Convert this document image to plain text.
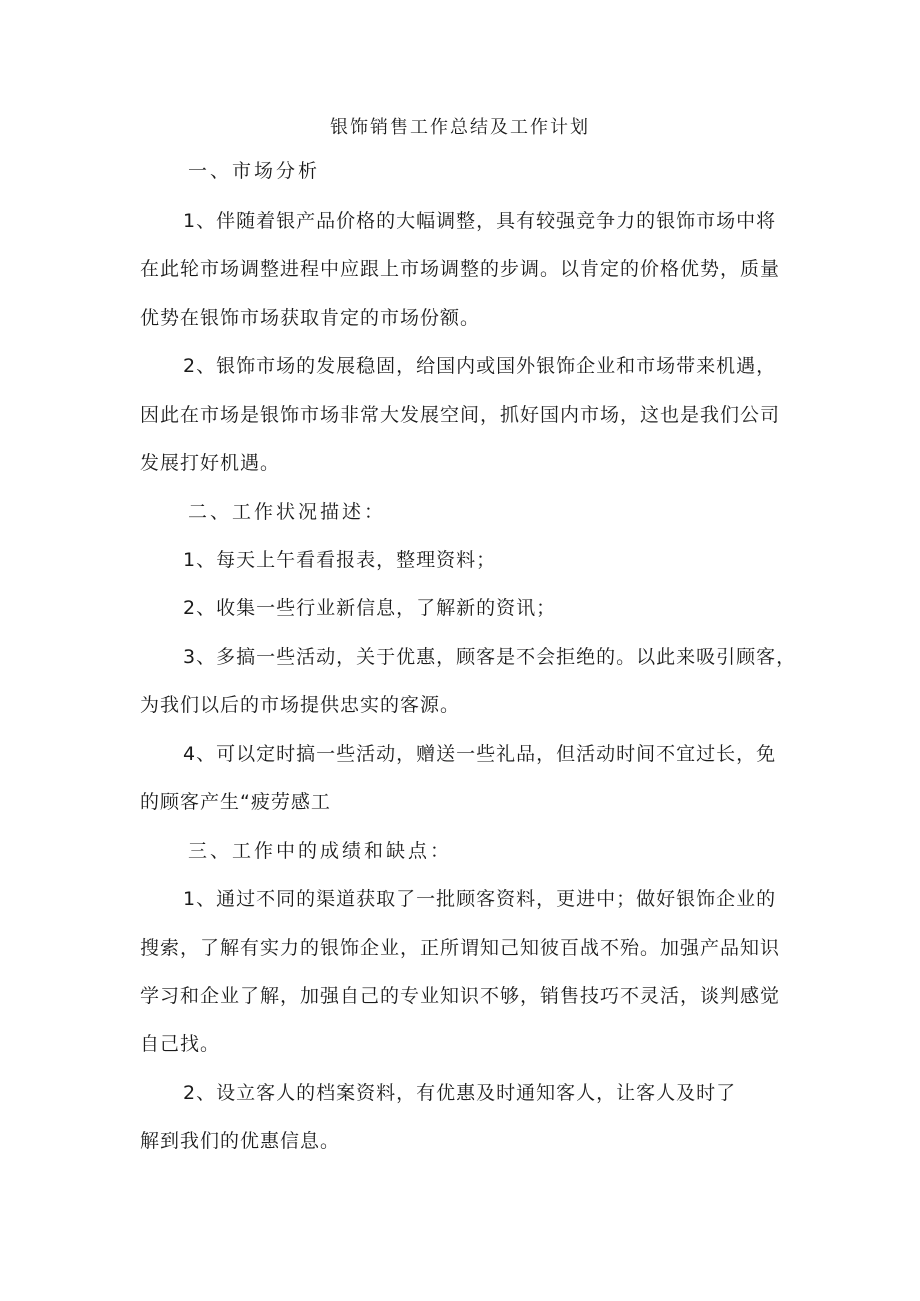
银饰销售工作总结及工作计划
一、市场分析
1、伴随着银产品价格的大幅调整，具有较强竞争力的银饰市场中将
在此轮市场调整进程中应跟上市场调整的步调。以肯定的价格优势，质量
优势在银饰市场获取肯定的市场份额。
2、银饰市场的发展稳固，给国内或国外银饰企业和市场带来机遇，
因此在市场是银饰市场非常大发展空间，抓好国内市场，这也是我们公司
发展打好机遇。
二、工作状况描述：
1、每天上午看看报表，整理资料；
2、收集一些行业新信息，了解新的资讯；
3、多搞一些活动，关于优惠，顾客是不会拒绝的。以此来吸引顾客，
为我们以后的市场提供忠实的客源。
4、可以定时搞一些活动，赠送一些礼品，但活动时间不宜过长，免
的顾客产生“疲劳感工
三、工作中的成绩和缺点：
1、通过不同的渠道获取了一批顾客资料，更进中；做好银饰企业的
搜索，了解有实力的银饰企业，正所谓知己知彼百战不殆。加强产品知识
学习和企业了解，加强自己的专业知识不够，销售技巧不灵活，谈判感觉
自己找。
2、设立客人的档案资料，有优惠及时通知客人，让客人及时了
解到我们的优惠信息。
